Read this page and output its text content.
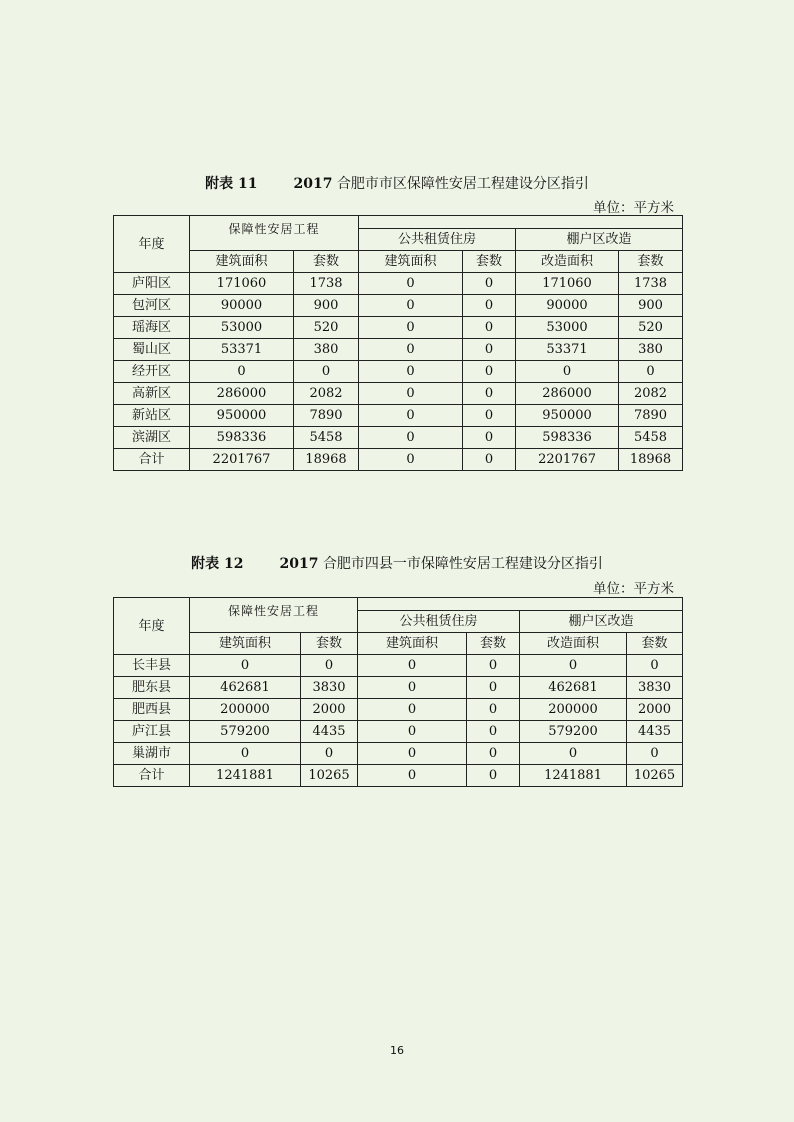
附表 11	2017 合肥市市区保障性安居工程建设分区指引
单位：平方米
年度	保障性安居工程					
			公共租赁住房		棚户区改造	
	建筑面积	套数	建筑面积	套数	改造面积	套数
庐阳区	171060	1738	0	0	171060	1738
包河区	90000	900	0	0	90000	900
瑶海区	53000	520	0	0	53000	520
蜀山区	53371	380	0	0	53371	380
经开区	0	0	0	0	0	0
高新区	286000	2082	0	0	286000	2082
新站区	950000	7890	0	0	950000	7890
滨湖区	598336	5458	0	0	598336	5458
合计	2201767	18968	0	0	2201767	18968
附表 12	2017 合肥市四县一市保障性安居工程建设分区指引
单位：平方米
年度	保障性安居工程					
			公共租赁住房		棚户区改造	
	建筑面积	套数	建筑面积	套数	改造面积	套数
长丰县	0	0	0	0	0	0
肥东县	462681	3830	0	0	462681	3830
肥西县	200000	2000	0	0	200000	2000
庐江县	579200	4435	0	0	579200	4435
巢湖市	0	0	0	0	0	0
合计	1241881	10265	0	0	1241881	10265
16
